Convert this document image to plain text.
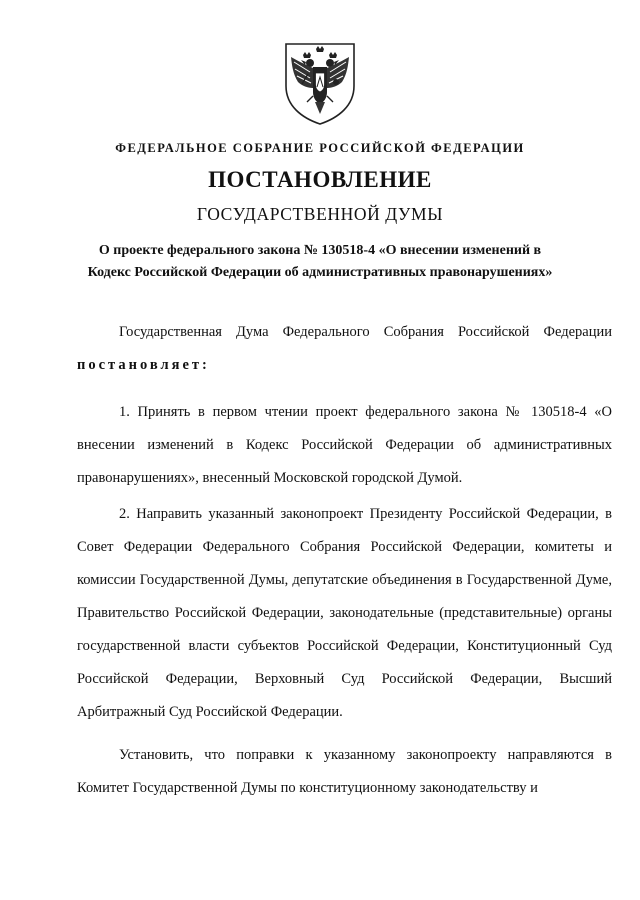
ФЕДЕРАЛЬНОЕ СОБРАНИЕ РОССИЙСКОЙ ФЕДЕРАЦИИ
ПОСТАНОВЛЕНИЕ
ГОСУДАРСТВЕННОЙ ДУМЫ
О проекте федерального закона № 130518-4 «О внесении изменений в
Кодекс Российской Федерации об административных правонарушениях»

Государственная Дума Федерального Собрания Российской Федерации постановляет:

1. Принять в первом чтении проект федерального закона № 130518-4 «О внесении изменений в Кодекс Российской Федерации об административных правонарушениях», внесенный Московской городской Думой.

2. Направить указанный законопроект Президенту Российской Федерации, в Совет Федерации Федерального Собрания Российской Федерации, комитеты и комиссии Государственной Думы, депутатские объединения в Государственной Думе, Правительство Российской Федерации, законодательные (представительные) органы государственной власти субъектов Российской Федерации, Конституционный Суд Российской Федерации, Верховный Суд Российской Федерации, Высший Арбитражный Суд Российской Федерации.

Установить, что поправки к указанному законопроекту направляются в Комитет Государственной Думы по конституционному законодательству и
